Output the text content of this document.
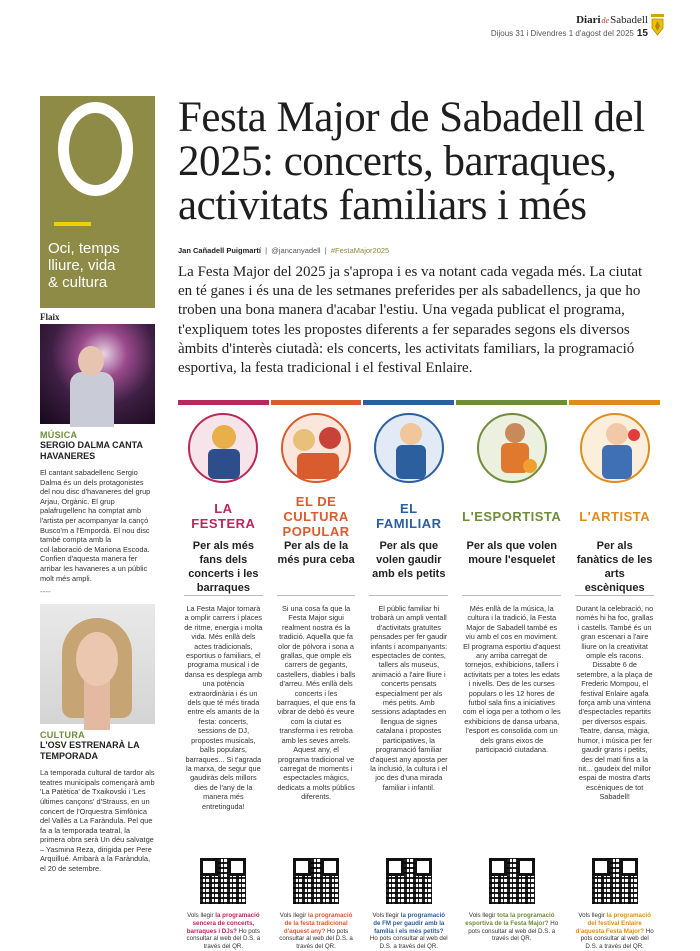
DiarideSabadell
Dijous 31 i Divendres 1 d'agost del 2025 15
Oci, temps
lliure, vida
& cultura
Flaix
MÚSICA
SERGIO DALMA CANTA HAVANERES
El cantant sabadellenc Sergio Dalma és un dels protagonistes del nou disc d'havaneres del grup Arjau, Orgànic. El grup palafrugellenc ha comptat amb l'artista per acompanyar la cançó Busco'm a l'Empordà. El nou disc també compta amb la col·laboració de Mariona Escoda. Confien d'aquesta manera fer arribar les havaneres a un públic molt més ampli.
----
CULTURA
L'OSV ESTRENARÀ LA TEMPORADA
La temporada cultural de tardor als teatres municipals començarà amb 'La Patètica' de Txaikovski i 'Les últimes cançons' d'Strauss, en un concert de l'Orquestra Simfònica del Vallès a La Faràndula. Pel que fa a la temporada teatral, la primera obra serà Un déu salvatge – Yasmina Reza, dirigida per Pere Arquillué. Arribarà a la Faràndula, el 20 de setembre.
Festa Major de Sabadell del 2025: concerts, barraques, activitats familiars i més
Jan Cañadell Puigmartí  |  @jancanyadell  |  #FestaMajor2025

La Festa Major del 2025 ja s'apropa i es va notant cada vegada més. La ciutat en té ganes i és una de les setmanes preferides per als sabadellencs, ja que ho troben una bona manera d'acabar l'estiu. Una vegada publicat el programa, t'expliquem totes les propostes diferents a fer separades segons els diversos àmbits d'interès ciutadà: els concerts, les activitats familiars, la programació esportiva, la festa tradicional i el festival Enlaire.

LA FESTERA
Per als més fans dels concerts i les barraques
La Festa Major tornarà a omplir carrers i places de ritme, energia i molta vida. Més enllà dels actes tradicionals, esportius o familiars, el programa musical i de dansa es desplega amb una potència extraordinària i és un dels que té més tirada entre els amants de la festa: concerts, sessions de DJ, propostes musicals, balls populars, barraques... Si t'agrada la marxa, de segur que gaudiràs dels millors dies de l'any de la manera més entretinguda!
Vols llegir la programació sencera de concerts, barraques i DJs? Ho pots consultar al web del D.S. a través del QR.
EL DE CULTURA POPULAR
Per als de la més pura ceba
Si una cosa fa que la Festa Major sigui realment nostra és la tradició. Aquella que fa olor de pólvora i sona a grallas, que omple els carrers de gegants, castellers, diables i balls d'arreu. Més enllà dels concerts i les barraques, el que ens fa vibrar de debò és veure com la ciutat es transforma i es retroba amb les seves arrels. Aquest any, el programa tradicional ve carregat de moments i espectacles màgics, dedicats a molts públics diferents.
Vols llegir la programació de la festa tradicional d'aquest any? Ho pots consultar al web del D.S. a través del QR.
EL FAMILIAR
Per als que volen gaudir amb els petits
El públic familiar hi trobarà un ampli ventall d'activitats gratuïtes pensades per fer gaudir infants i acompanyants: espectacles de contes, tallers als museus, animació a l'aire lliure i concerts pensats especialment per als més petits. Amb sessions adaptades en llengua de signes catalana i propostes participatives, la programació familiar d'aquest any aposta per la inclusió, la cultura i el joc des d'una mirada familiar i infantil.
Vols llegir la programació de FM per gaudir amb la família i els més petits? Ho pots consultar al web del D.S. a través del QR.
L'ESPORTISTA
Per als que volen moure l'esquelet
Més enllà de la música, la cultura i la tradició, la Festa Major de Sabadell també es viu amb el cos en moviment. El programa esportiu d'aquest any arriba carregat de tornejos, exhibicions, tallers i activitats per a totes les edats i nivells. Des de les curses populars o les 12 hores de futbol sala fins a iniciatives com el ioga per a tothom o les exhibicions de dansa urbana, l'esport es consolida com un dels grans eixos de participació ciutadana.
Vols llegir tota la programació esportiva de la Festa Major? Ho pots consultar al web del D.S. a través del QR.
L'ARTISTA
Per als fanàtics de les arts escèniques
Durant la celebració, no només hi ha foc, grallas i castells. També és un gran escenari a l'aire lliure on la creativitat omple els racons. Dissabte 6 de setembre, a la plaça de Frederic Mompou, el festival Enlaire agafa força amb una vintena d'espectacles repartits per diversos espais. Teatre, dansa, màgia, humor, i música per fer gaudir grans i petits, des del matí fins a la nit... gaudeix del millor espai de mostra d'arts escèniques de tot Sabadell!
Vols llegir la programació del festival Enlaire d'aquesta Festa Major? Ho pots consultar al web del D.S. a través del QR.
